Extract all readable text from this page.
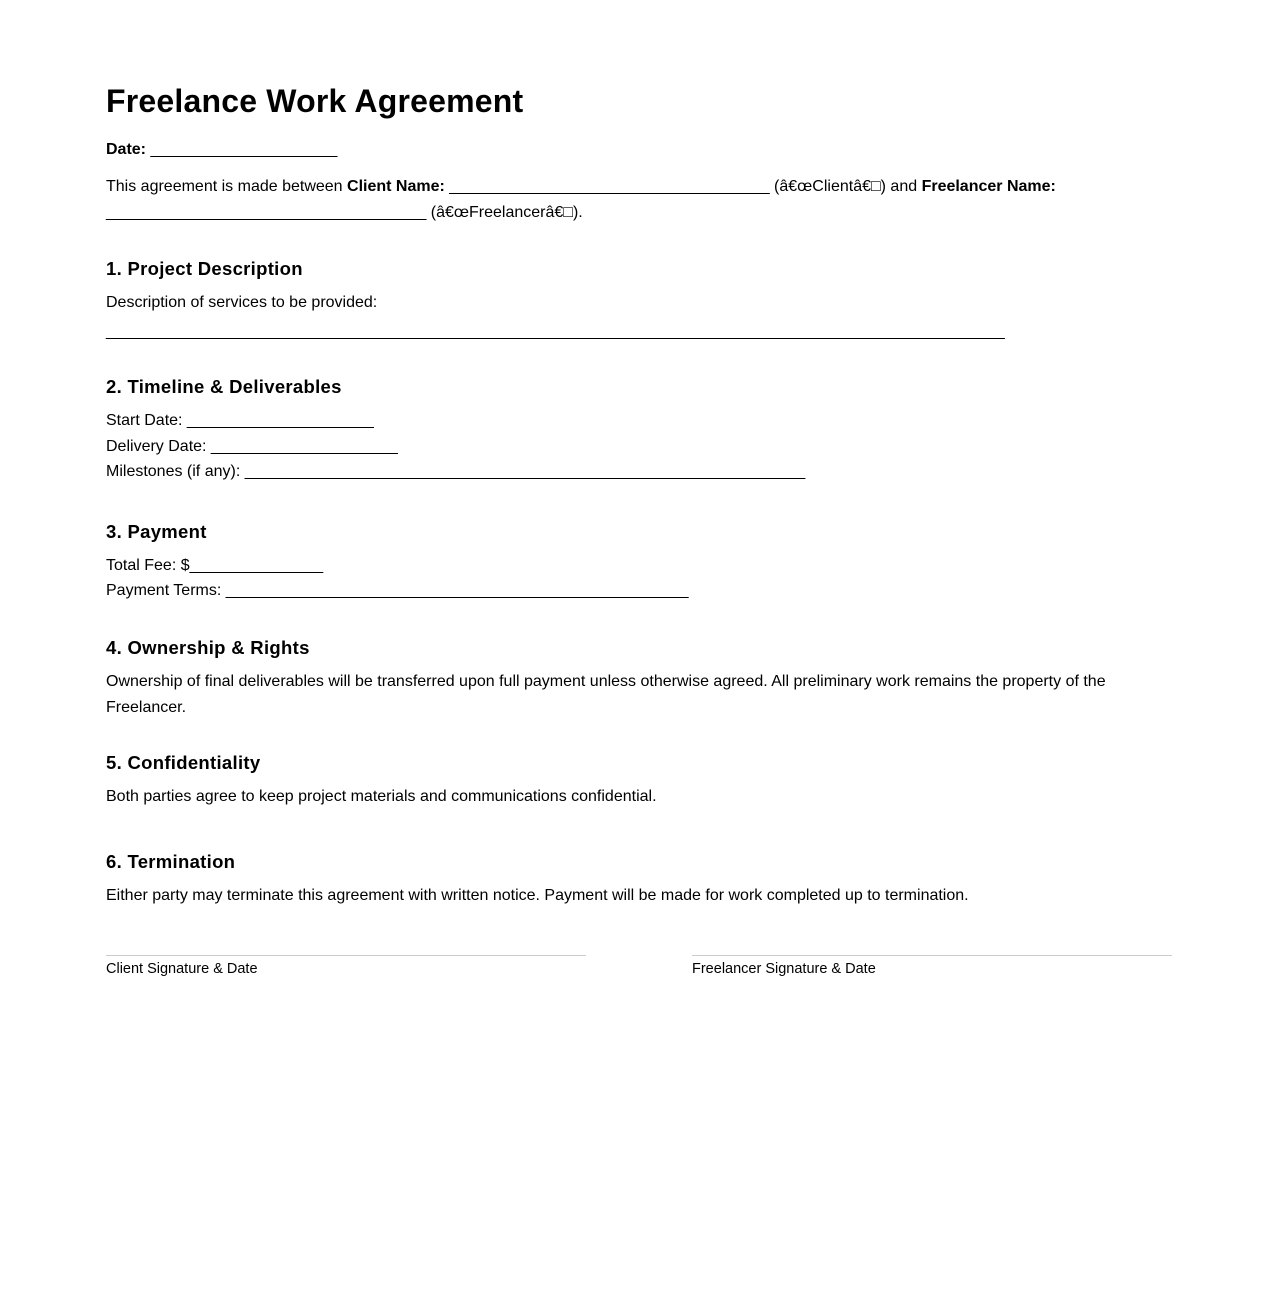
Freelance Work Agreement
Date: _____________________
This agreement is made between Client Name: ____________________________________ (â€œClientâ€□) and Freelancer Name:
____________________________________ (â€œFreelancerâ€□).
1. Project Description
Description of services to be provided:
_____________________________________________________________________________________________________
2. Timeline & Deliverables
Start Date: _____________________
Delivery Date: _____________________
Milestones (if any): _______________________________________________________________
3. Payment
Total Fee: $_______________
Payment Terms: ____________________________________________________
4. Ownership & Rights
Ownership of final deliverables will be transferred upon full payment unless otherwise agreed. All preliminary work remains the property of the Freelancer.
5. Confidentiality
Both parties agree to keep project materials and communications confidential.
6. Termination
Either party may terminate this agreement with written notice. Payment will be made for work completed up to termination.
Client Signature & Date	Freelancer Signature & Date
